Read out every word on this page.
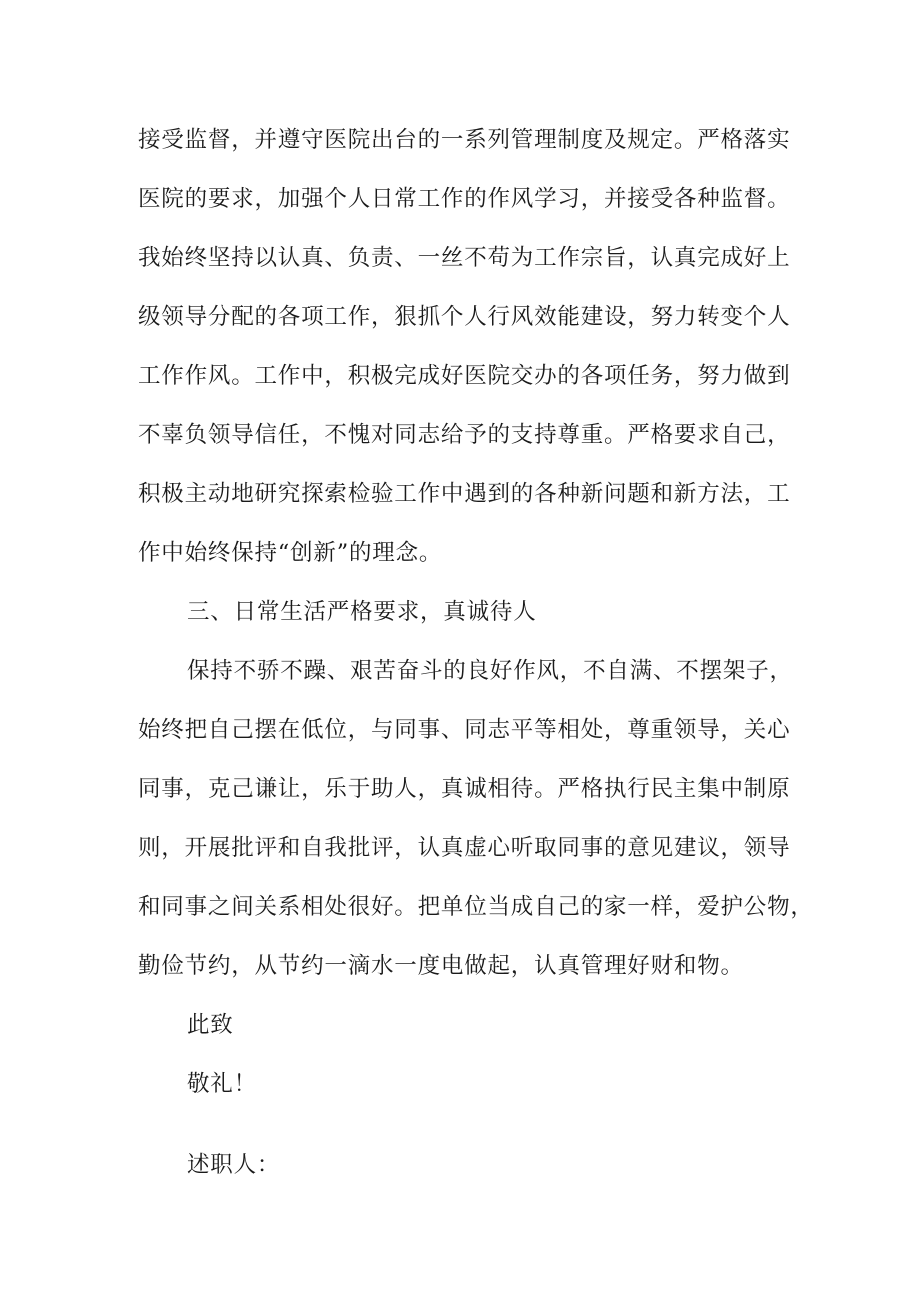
接受监督，并遵守医院出台的一系列管理制度及规定。严格落实
医院的要求，加强个人日常工作的作风学习，并接受各种监督。
我始终坚持以认真、负责、一丝不苟为工作宗旨，认真完成好上
级领导分配的各项工作，狠抓个人行风效能建设，努力转变个人
工作作风。工作中，积极完成好医院交办的各项任务，努力做到
不辜负领导信任，不愧对同志给予的支持尊重。严格要求自己，
积极主动地研究探索检验工作中遇到的各种新问题和新方法，工
作中始终保持“创新”的理念。
三、日常生活严格要求，真诚待人
保持不骄不躁、艰苦奋斗的良好作风，不自满、不摆架子，
始终把自己摆在低位，与同事、同志平等相处，尊重领导，关心
同事，克己谦让，乐于助人，真诚相待。严格执行民主集中制原
则，开展批评和自我批评，认真虚心听取同事的意见建议，领导
和同事之间关系相处很好。把单位当成自己的家一样，爱护公物，
勤俭节约，从节约一滴水一度电做起，认真管理好财和物。
此致
敬礼！
述职人：
